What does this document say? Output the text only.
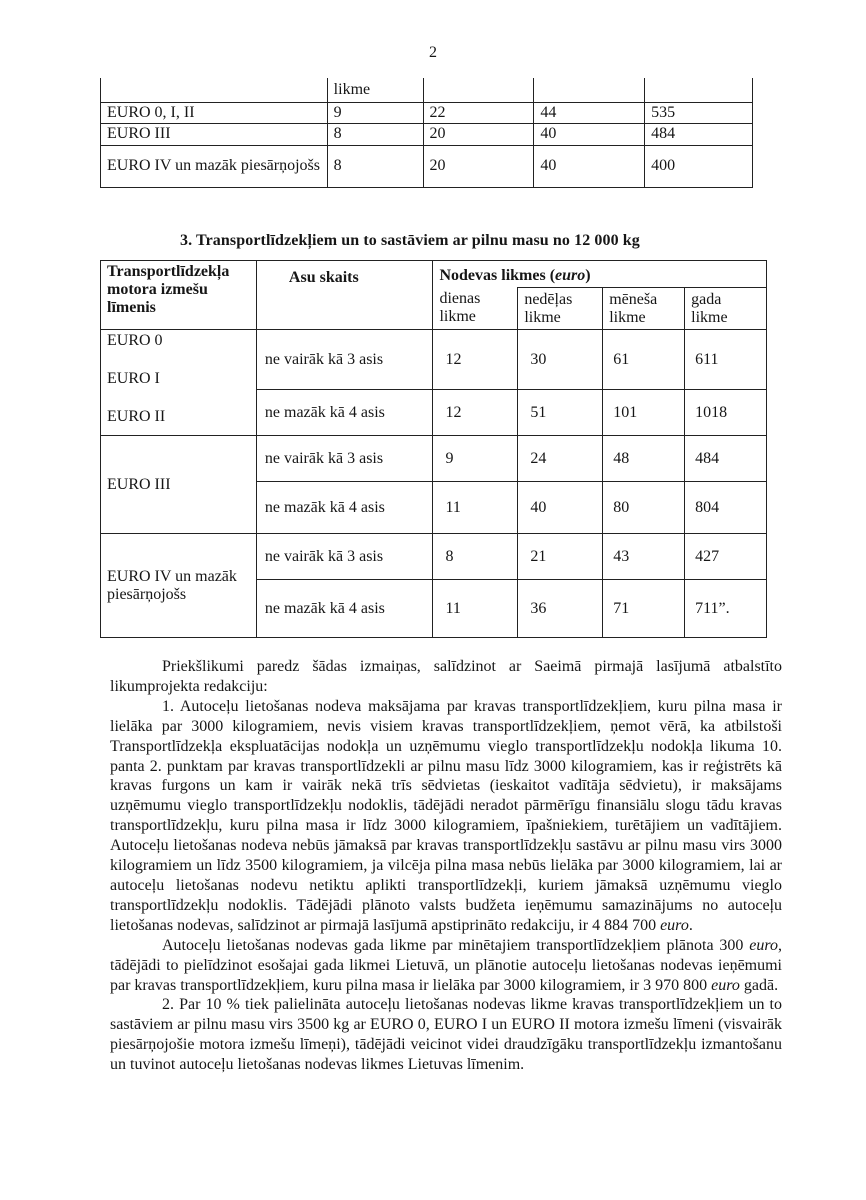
2
	likme			
EURO 0, I, II	9	22	44	535
EURO III	8	20	40	484
EURO IV un mazāk piesārņojošs	8	20	40	400
3. Transportlīdzekļiem un to sastāviem ar pilnu masu no 12 000 kg
Transportlīdzekļa motora izmešu līmenis	Asu skaits	Nodevas likmes (euro)			
		dienas likme	nedēļas likme	mēneša likme	gada likme

EURO 0
EURO I
EURO II	ne vairāk kā 3 asis	12	30	61	611
	ne mazāk kā 4 asis	12	51	101	1018
EURO III	ne vairāk kā 3 asis	9	24	48	484
	ne mazāk kā 4 asis	11	40	80	804
EURO IV un mazāk piesārņojošs	ne vairāk kā 3 asis	8	21	43	427
	ne mazāk kā 4 asis	11	36	71	711”.

Priekšlikumi paredz šādas izmaiņas, salīdzinot ar Saeimā pirmajā lasījumā atbalstīto likumprojekta redakciju:

1. Autoceļu lietošanas nodeva maksājama par kravas transportlīdzekļiem, kuru pilna masa ir lielāka par 3000 kilogramiem, nevis visiem kravas transportlīdzekļiem, ņemot vērā, ka atbilstoši Transportlīdzekļa ekspluatācijas nodokļa un uzņēmumu vieglo transportlīdzekļu nodokļa likuma 10. panta 2. punktam par kravas transportlīdzekli ar pilnu masu līdz 3000 kilogramiem, kas ir reģistrēts kā kravas furgons un kam ir vairāk nekā trīs sēdvietas (ieskaitot vadītāja sēdvietu), ir maksājams uzņēmumu vieglo transportlīdzekļu nodoklis, tādējādi neradot pārmērīgu finansiālu slogu tādu kravas transportlīdzekļu, kuru pilna masa ir līdz 3000 kilogramiem, īpašniekiem, turētājiem un vadītājiem. Autoceļu lietošanas nodeva nebūs jāmaksā par kravas transportlīdzekļu sastāvu ar pilnu masu virs 3000 kilogramiem un līdz 3500 kilogramiem, ja vilcēja pilna masa nebūs lielāka par 3000 kilogramiem, lai ar autoceļu lietošanas nodevu netiktu aplikti transportlīdzekļi, kuriem jāmaksā uzņēmumu vieglo transportlīdzekļu nodoklis. Tādējādi plānoto valsts budžeta ieņēmumu samazinājums no autoceļu lietošanas nodevas, salīdzinot ar pirmajā lasījumā apstiprināto redakciju, ir 4 884 700 euro.

Autoceļu lietošanas nodevas gada likme par minētajiem transportlīdzekļiem plānota 300 euro, tādējādi to pielīdzinot esošajai gada likmei Lietuvā, un plānotie autoceļu lietošanas nodevas ieņēmumi par kravas transportlīdzekļiem, kuru pilna masa ir lielāka par 3000 kilogramiem, ir 3 970 800 euro gadā.

2. Par 10 % tiek palielināta autoceļu lietošanas nodevas likme kravas transportlīdzekļiem un to sastāviem ar pilnu masu virs 3500 kg ar EURO 0, EURO I un EURO II motora izmešu līmeni (visvairāk piesārņojošie motora izmešu līmeņi), tādējādi veicinot videi draudzīgāku transportlīdzekļu izmantošanu un tuvinot autoceļu lietošanas nodevas likmes Lietuvas līmenim.
